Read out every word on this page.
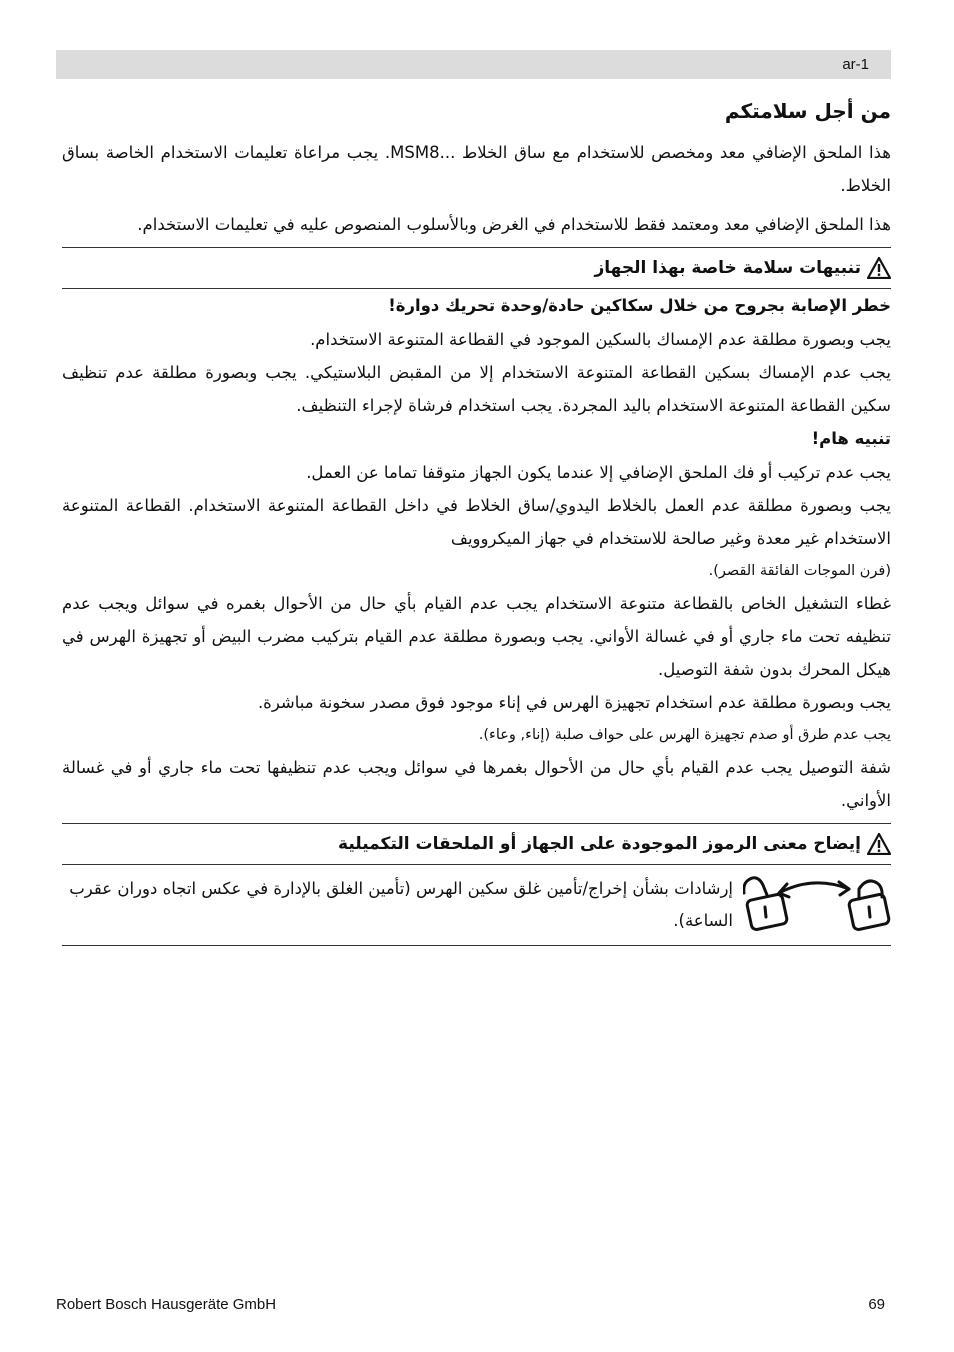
ar-1
من أجل سلامتكم

هذا الملحق الإضافي معد ومخصص للاستخدام مع ساق الخلاط ...MSM8. يجب مراعاة تعليمات الاستخدام الخاصة بساق الخلاط.

هذا الملحق الإضافي معد ومعتمد فقط للاستخدام في الغرض وبالأسلوب المنصوص عليه في تعليمات الاستخدام.

تنبيهات سلامة خاصة بهذا الجهاز

خطر الإصابة بجروح من خلال سكاكين حادة/وحدة تحريك دوارة!

يجب وبصورة مطلقة عدم الإمساك بالسكين الموجود في القطاعة المتنوعة الاستخدام.

يجب عدم الإمساك بسكين القطاعة المتنوعة الاستخدام إلا من المقبض البلاستيكي. يجب وبصورة مطلقة عدم تنظيف سكين القطاعة المتنوعة الاستخدام باليد المجردة. يجب استخدام فرشاة لإجراء التنظيف.

تنبيه هام!

يجب عدم تركيب أو فك الملحق الإضافي إلا عندما يكون الجهاز متوقفا تماما عن العمل.

يجب وبصورة مطلقة عدم العمل بالخلاط اليدوي/ساق الخلاط في داخل القطاعة المتنوعة الاستخدام. القطاعة المتنوعة الاستخدام غير معدة وغير صالحة للاستخدام في جهاز الميكروويف

(فرن الموجات الفائقة القصر).

غطاء التشغيل الخاص بالقطاعة متنوعة الاستخدام يجب عدم القيام بأي حال من الأحوال بغمره في سوائل ويجب عدم تنظيفه تحت ماء جاري أو في غسالة الأواني. يجب وبصورة مطلقة عدم القيام بتركيب مضرب البيض أو تجهيزة الهرس في هيكل المحرك بدون شفة التوصيل.

يجب وبصورة مطلقة عدم استخدام تجهيزة الهرس في إناء موجود فوق مصدر سخونة مباشرة.

يجب عدم طرق أو صدم تجهيزة الهرس على حواف صلبة (إناء, وعاء).

شفة التوصيل يجب عدم القيام بأي حال من الأحوال بغمرها في سوائل ويجب عدم تنظيفها تحت ماء جاري أو في غسالة الأواني.

إيضاح معنى الرموز الموجودة على الجهاز أو الملحقات التكميلية

إرشادات بشأن إخراج/تأمين غلق سكين الهرس (تأمين الغلق بالإدارة في عكس اتجاه دوران عقرب الساعة).

Robert Bosch Hausgeräte GmbH	69
